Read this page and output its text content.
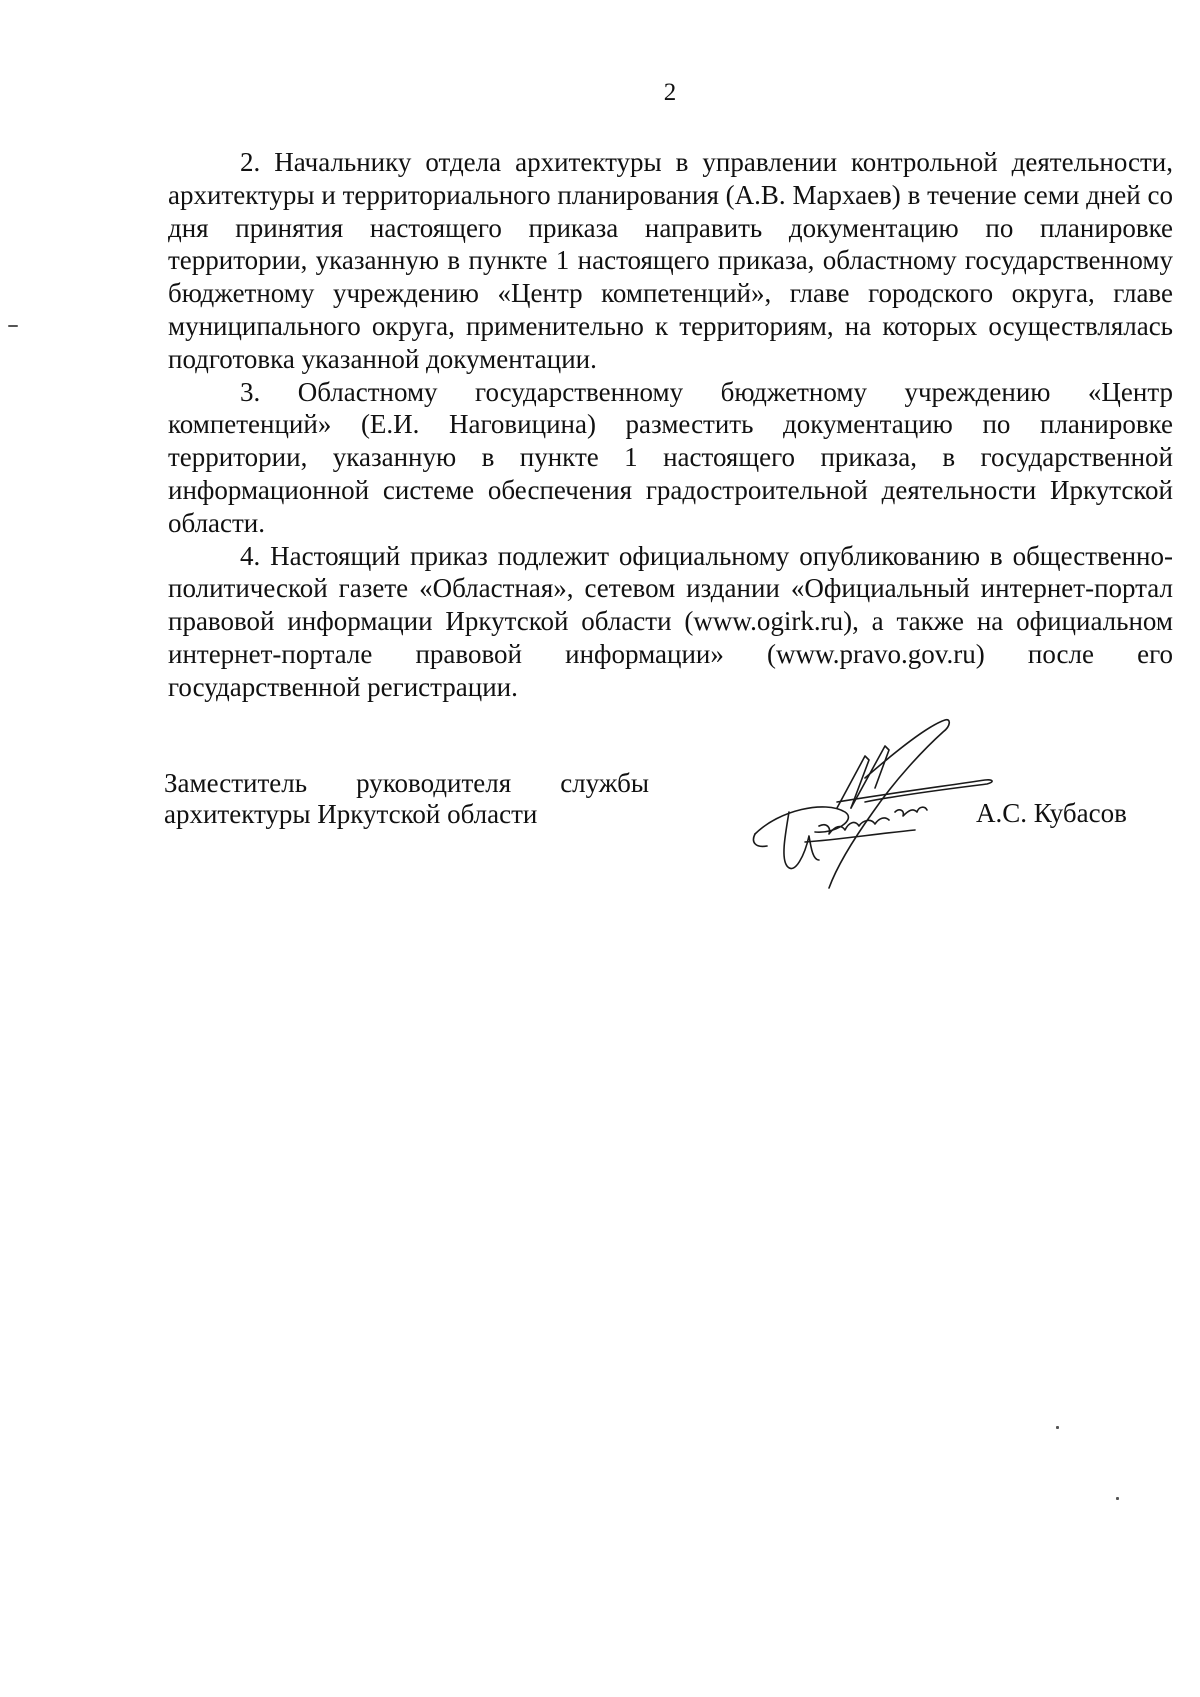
2

2. Начальнику отдела архитектуры в управлении контрольной деятельности, архитектуры и территориального планирования (А.В. Мархаев) в течение семи дней со дня принятия настоящего приказа направить документацию по планировке территории, указанную в пункте 1 настоящего приказа, областному государственному бюджетному учреждению «Центр компетенций», главе городского округа, главе муниципального округа, применительно к территориям, на которых осуществлялась подготовка указанной документации.

3. Областному государственному бюджетному учреждению «Центр компетенций» (Е.И. Наговицина) разместить документацию по планировке территории, указанную в пункте 1 настоящего приказа, в государственной информационной системе обеспечения градостроительной деятельности Иркутской области.

4. Настоящий приказ подлежит официальному опубликованию в общественно-политической газете «Областная», сетевом издании «Официальный интернет-портал правовой информации Иркутской области (www.ogirk.ru), а также на официальном интернет-портале правовой информации» (www.pravo.gov.ru) после его государственной регистрации.

Заместитель руководителя службы
архитектуры Иркутской области	А.С. Кубасов
